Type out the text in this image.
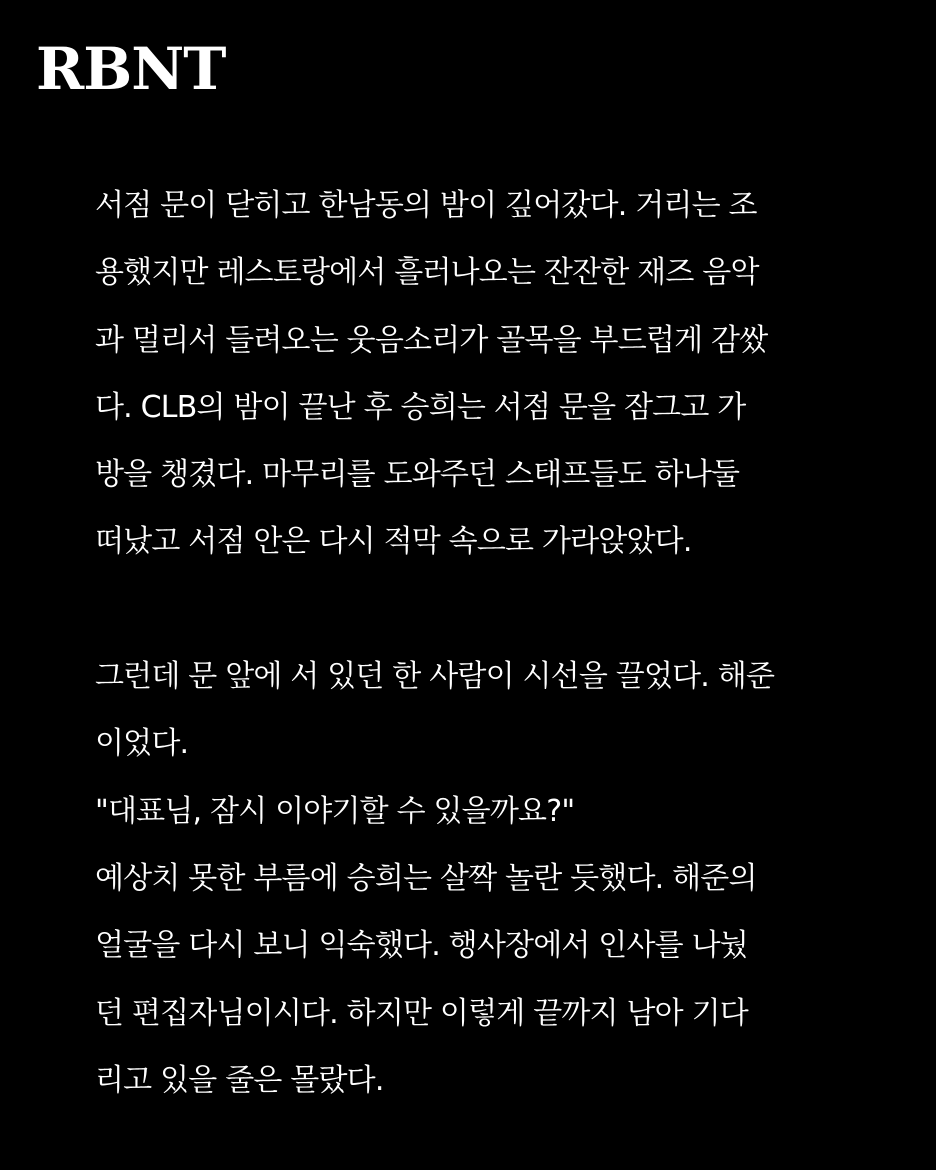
RBNT
서점 문이 닫히고 한남동의 밤이 깊어갔다. 거리는 조
용했지만 레스토랑에서 흘러나오는 잔잔한 재즈 음악
과 멀리서 들려오는 웃음소리가 골목을 부드럽게 감쌌
다. CLB의 밤이 끝난 후 승희는 서점 문을 잠그고 가
방을 챙겼다. 마무리를 도와주던 스태프들도 하나둘
떠났고 서점 안은 다시 적막 속으로 가라앉았다.
그런데 문 앞에 서 있던 한 사람이 시선을 끌었다. 해준
이었다.
"대표님, 잠시 이야기할 수 있을까요?"
예상치 못한 부름에 승희는 살짝 놀란 듯했다. 해준의
얼굴을 다시 보니 익숙했다. 행사장에서 인사를 나눴
던 편집자님이시다. 하지만 이렇게 끝까지 남아 기다
리고 있을 줄은 몰랐다.
